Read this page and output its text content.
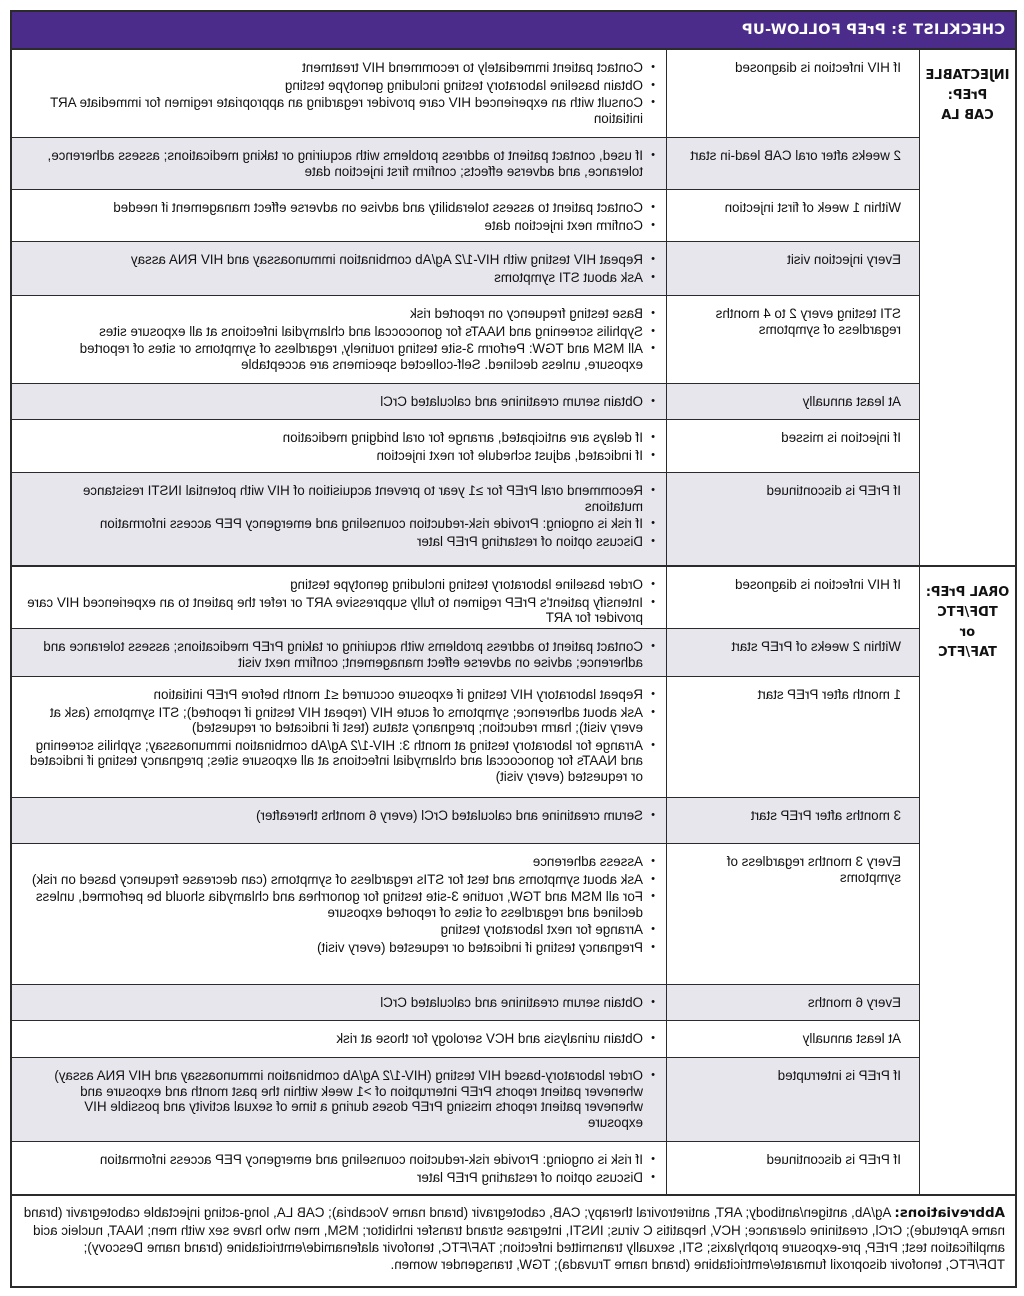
CHECKLIST 3: PrEP FOLLOW-UP
INJECTABLE
PrEP:
CAB LA
If HIV infection is diagnosed
• Contact patient immediately to recommend HIV treatment
• Obtain baseline laboratory testing including genotype testing
• Consult with an experienced HIV care provider regarding an appropriate regimen for immediate ART initiation
2 weeks after oral CAB lead-in start
• If used, contact patient to address problems with acquiring or taking medications; assess adherence, tolerance, and adverse effects; confirm first injection date
Within 1 week of first injection
• Contact patient to assess tolerability and advise on adverse effect management if needed
• Confirm next injection date
Every injection visit
• Repeat HIV testing with HIV-1/2 Ag/Ab combination immunoassay and HIV RNA assay
• Ask about STI symptoms
STI testing every 2 to 4 months regardless of symptoms
• Base testing frequency on reported risk
• Syphilis screening and NAATs for gonococcal and chlamydial infections at all exposure sites
• All MSM and TGW: Perform 3-site testing routinely, regardless of symptoms or sites of reported exposure, unless declined. Self-collected specimens are acceptable
At least annually
• Obtain serum creatinine and calculated CrCl
If injection is missed
• If delays are anticipated, arrange for oral bridging medication
• If indicated, adjust schedule for next injection
If PrEP is discontinued
• Recommend oral PrEP for ≥1 year to prevent acquisition of HIV with potential INSTI resistance mutations
• If risk is ongoing: Provide risk-reduction counseling and emergency PEP access information
• Discuss option of restarting PrEP later
ORAL PrEP:
TDF/FTC
or
TAF/FTC
If HIV infection is diagnosed
• Order baseline laboratory testing including genotype testing
• Intensify patient's PrEP regimen to fully suppressive ART or refer the patient to an experienced HIV care provider for ART
Within 2 weeks of PrEP start
• Contact patient to address problems with acquiring or taking PrEP medications; assess tolerance and adherence; advise on adverse effect management; confirm next visit
1 month after PrEP start
• Repeat laboratory HIV testing if exposure occurred ≤1 month before PrEP initiation
• Ask about adherence; symptoms of acute HIV (repeat HIV testing if reported); STI symptoms (ask at every visit); harm reduction; pregnancy status (test if indicated or requested)
• Arrange for laboratory testing at month 3: HIV-1/2 Ag/Ab combination immunoassay; syphilis screening and NAATs for gonococcal and chlamydial infections at all exposure sites; pregnancy testing if indicated or requested (every visit)
3 months after PrEP start
• Serum creatinine and calculated CrCl (every 6 months thereafter)
Every 3 months regardless of symptoms
• Assess adherence
• Ask about symptoms and test for STIs regardless of symptoms (can decrease frequency based on risk)
• For all MSM and TGW, routine 3-site testing for gonorrhea and chlamydia should be performed, unless declined and regardless of sites of reported exposure
• Arrange for next laboratory testing
• Pregnancy testing if indicated or requested (every visit)
Every 6 months
• Obtain serum creatinine and calculated CrCl
At least annually
• Obtain urinalysis and HCV serology for those at risk
If PrEP is interrupted
• Order laboratory-based HIV testing (HIV-1/2 Ag/Ab combination immunoassay and HIV RNA assay) whenever patient reports PrEP interruption of >1 week within the past month and exposure and whenever patient reports missing PrEP doses during a time of sexual activity and possible HIV exposure
If PrEP is discontinued
• If risk is ongoing: Provide risk-reduction counseling and emergency PEP access information
• Discuss option of restarting PrEP later
Abbreviations: Ag/Ab, antigen/antibody; ART, antiretroviral therapy; CAB, cabotegravir (brand name Vocabria); CAB LA, long-acting injectable cabotegravir (brand name Apretude); CrCl, creatinine clearance; HCV, hepatitis C virus; INSTI, integrase strand transfer inhibitor; MSM, men who have sex with men; NAAT, nucleic acid amplification test; PrEP, pre-exposure prophylaxis; STI, sexually transmitted infection; TAF/FTC, tenofovir alafenamide/emtricitabine (brand name Descovy); TDF/FTC, tenofovir disoproxil fumarate/emtricitabine (brand name Truvada); TGW, transgender women.
